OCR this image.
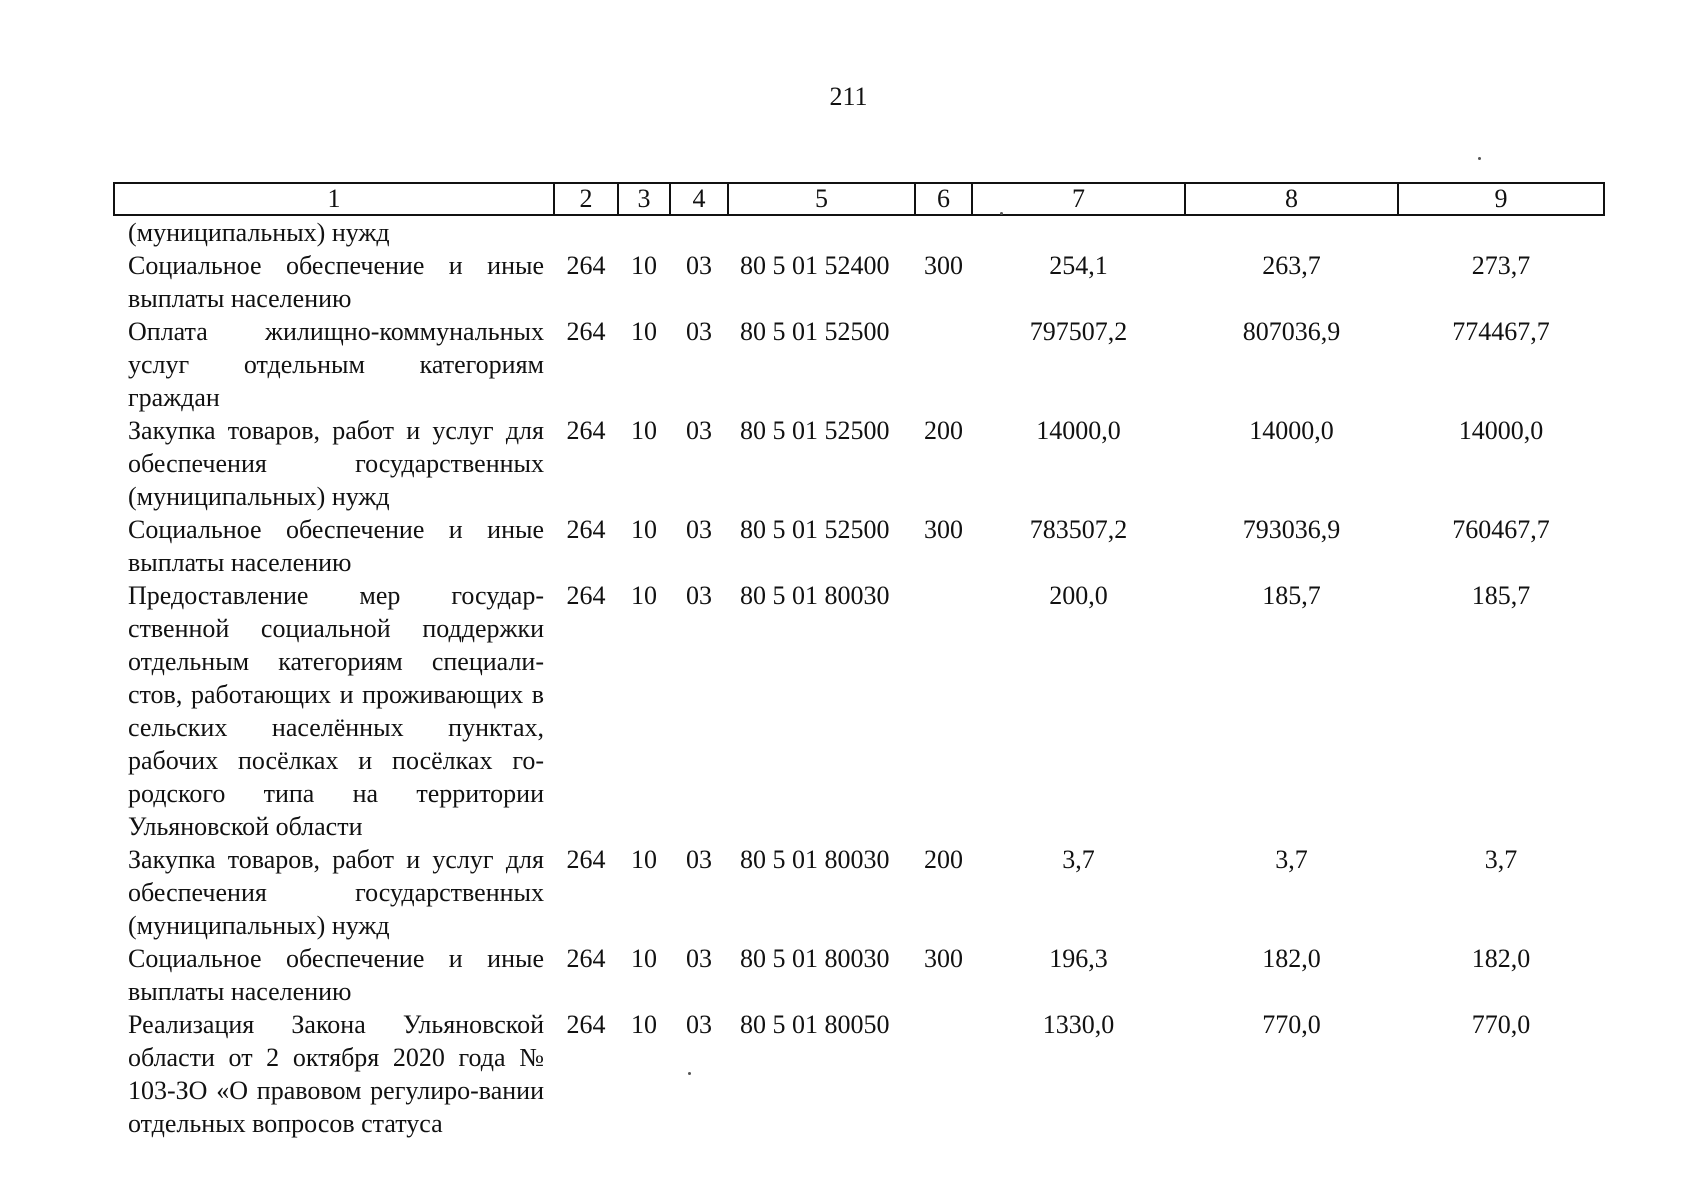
211
1	2	3	4	5	6	7	8	9
(муниципальных) нужд								
Социальное обеспечение и иные выплаты населению	264	10	03	80 5 01 52400	300	254,1	263,7	273,7
Оплата жилищно-коммунальных услуг отдельным категориям граждан	264	10	03	80 5 01 52500		797507,2	807036,9	774467,7
Закупка товаров, работ и услуг для обеспечения государственных (муниципальных) нужд	264	10	03	80 5 01 52500	200	14000,0	14000,0	14000,0
Социальное обеспечение и иные выплаты населению	264	10	03	80 5 01 52500	300	783507,2	793036,9	760467,7
Предоставление мер государ-ственной социальной поддержки отдельным категориям специали-стов, работающих и проживающих в сельских населённых пунктах, рабочих посёлках и посёлках го-родского типа на территории Ульяновской области	264	10	03	80 5 01 80030		200,0	185,7	185,7
Закупка товаров, работ и услуг для обеспечения государственных (муниципальных) нужд	264	10	03	80 5 01 80030	200	3,7	3,7	3,7
Социальное обеспечение и иные выплаты населению	264	10	03	80 5 01 80030	300	196,3	182,0	182,0
Реализация Закона Ульяновской области от 2 октября 2020 года № 103-ЗО «О правовом регулиро-вании отдельных вопросов статуса	264	10	03	80 5 01 80050		1330,0	770,0	770,0
